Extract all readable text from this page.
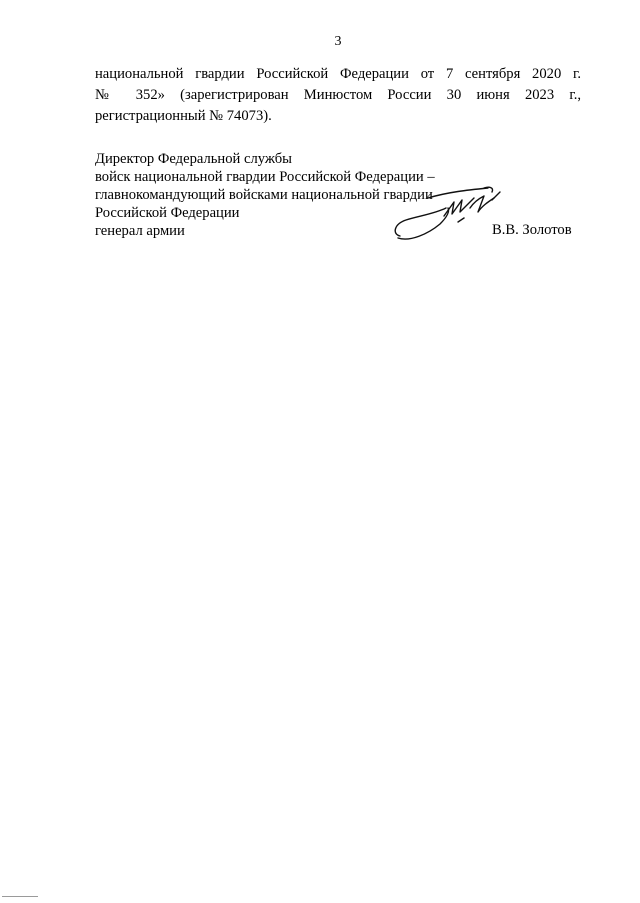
3
национальной гвардии Российской Федерации от 7 сентября 2020 г.
№ 352» (зарегистрирован Минюстом России 30 июня 2023 г.,
регистрационный № 74073).
Директор Федеральной службы
войск национальной гвардии Российской Федерации –
главнокомандующий войсками национальной гвардии
Российской Федерации
генерал армии	В.В. Золотов
